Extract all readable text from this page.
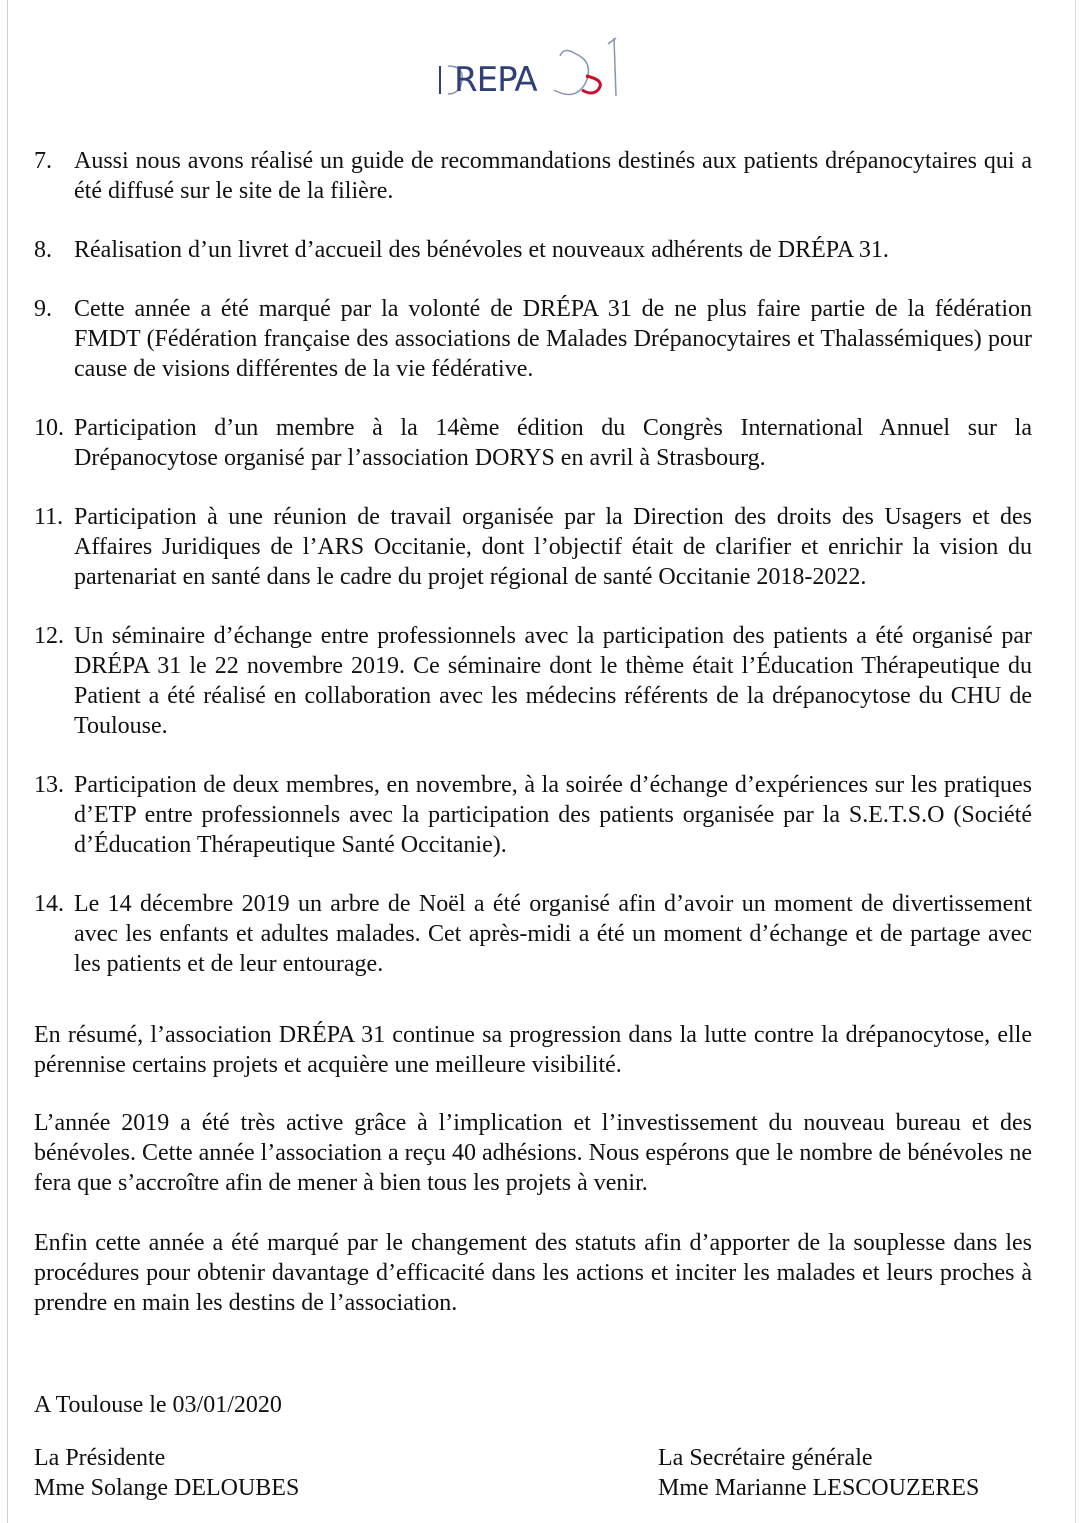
REPA
7. Aussi nous avons réalisé un guide de recommandations destinés aux patients drépanocytaires qui a été diffusé sur le site de la filière.
8. Réalisation d’un livret d’accueil des bénévoles et nouveaux adhérents de DRÉPA 31.
9. Cette année a été marqué par la volonté de DRÉPA 31 de ne plus faire partie de la fédération FMDT (Fédération française des associations de Malades Drépanocytaires et Thalassémiques) pour cause de visions différentes de la vie fédérative.
10. Participation d’un membre à la 14ème édition du Congrès International Annuel sur la Drépanocytose organisé par l’association DORYS en avril à Strasbourg.
11. Participation à une réunion de travail organisée par la Direction des droits des Usagers et des Affaires Juridiques de l’ARS Occitanie, dont l’objectif était de clarifier et enrichir la vision du partenariat en santé dans le cadre du projet régional de santé Occitanie 2018-2022.
12. Un séminaire d’échange entre professionnels avec la participation des patients a été organisé par DRÉPA 31 le 22 novembre 2019. Ce séminaire dont le thème était l’Éducation Thérapeutique du Patient a été réalisé en collaboration avec les médecins référents de la drépanocytose du CHU de Toulouse.
13. Participation de deux membres, en novembre, à la soirée d’échange d’expériences sur les pratiques d’ETP entre professionnels avec la participation des patients organisée par la S.E.T.S.O (Société d’Éducation Thérapeutique Santé Occitanie).
14. Le 14 décembre 2019 un arbre de Noël a été organisé afin d’avoir un moment de divertissement avec les enfants et adultes malades. Cet après-midi a été un moment d’échange et de partage avec les patients et de leur entourage.

En résumé, l’association DRÉPA 31 continue sa progression dans la lutte contre la drépanocytose, elle pérennise certains projets et acquière une meilleure visibilité.

L’année 2019 a été très active grâce à l’implication et l’investissement du nouveau bureau et des bénévoles. Cette année l’association a reçu 40 adhésions. Nous espérons que le nombre de bénévoles ne fera que s’accroître afin de mener à bien tous les projets à venir.

Enfin cette année a été marqué par le changement des statuts afin d’apporter de la souplesse dans les procédures pour obtenir davantage d’efficacité dans les actions et inciter les malades et leurs proches à prendre en main les destins de l’association.

A Toulouse le 03/01/2020
La Présidente
Mme Solange DELOUBES
La Secrétaire générale
Mme Marianne LESCOUZERES
